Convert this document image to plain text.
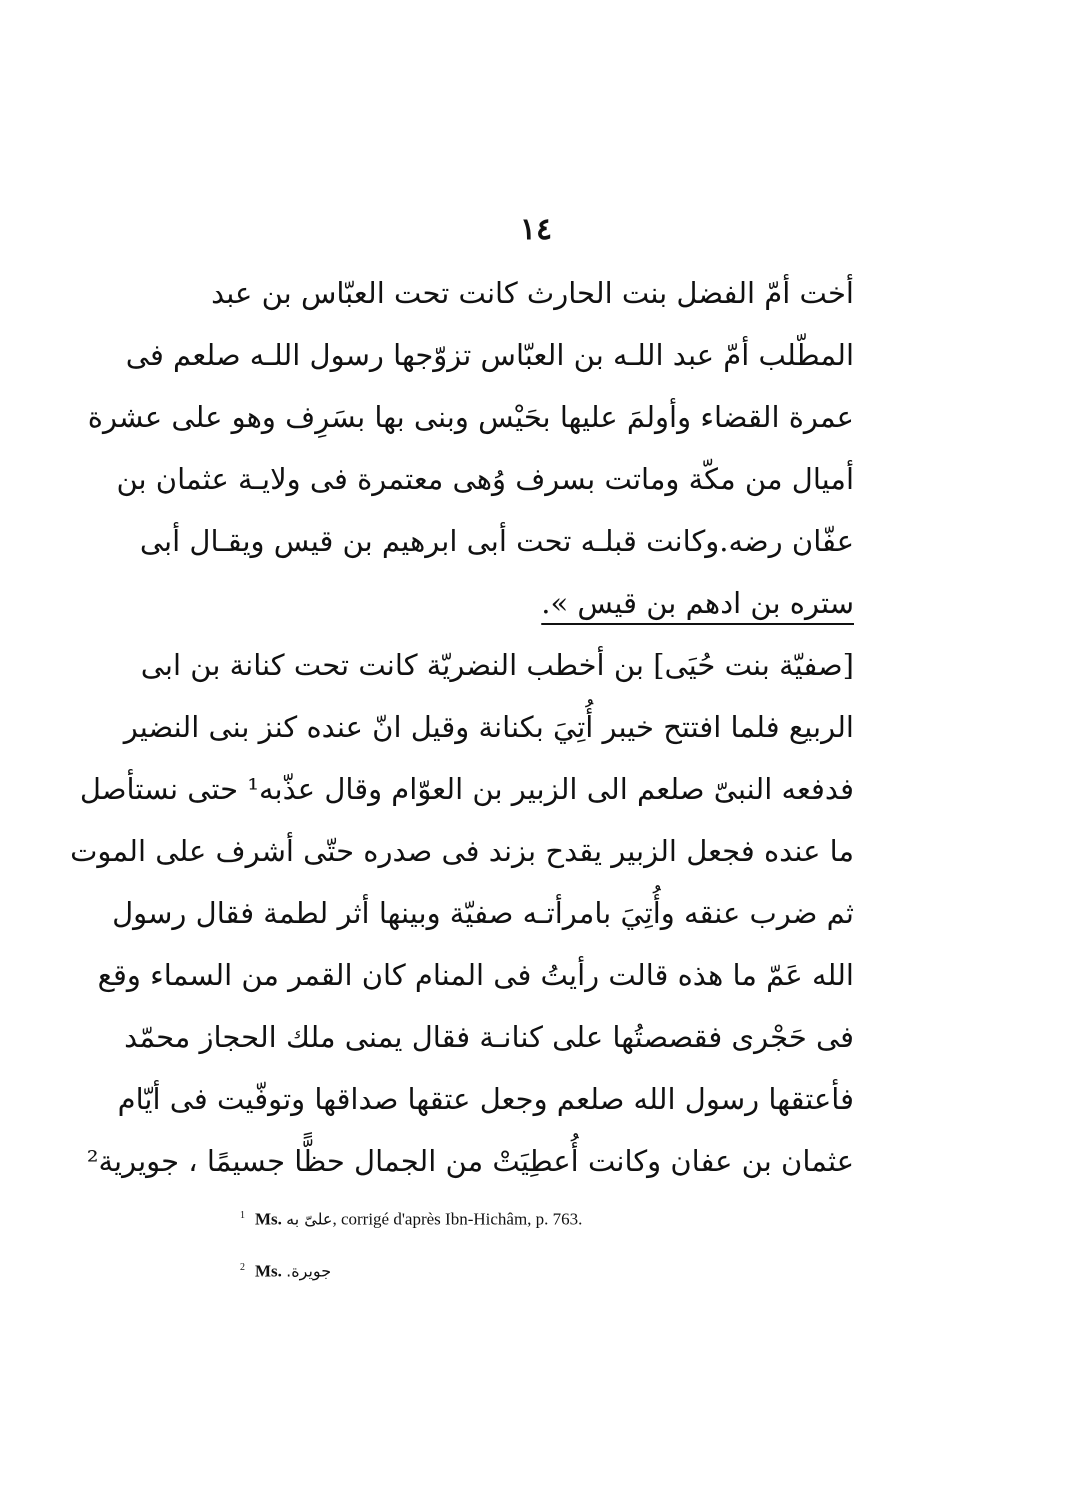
١٤
أخت أمّ الفضل بنت الحارث كانت تحت العبّاس بن عبد
المطّلب أمّ عبد اللـه بن العبّاس تزوّجها رسول اللـه صلعم فى
عمرة القضاء وأولمَ عليها بحَيْس وبنى بها بسَرِف وهو على عشرة
أميال من مكّة وماتت بسرف وُهى معتمرة فى ولايـة عثمان بن
عفّان رضه.وكانت قبلـه تحت أبى ابرهيم بن قيس ويقـال أبى
ستره بن ادهم بن قيس ».
[صفيّة بنت حُيَى] بن أخطب النضريّة كانت تحت كنانة بن ابى
الربيع فلما افتتح خيبر أُتِيَ بكنانة وقيل انّ عنده كنز بنى النضير
فدفعه النبىّ صلعم الى الزبير بن العوّام وقال عذّبه¹ حتى نستأصل
ما عنده فجعل الزبير يقدح بزند فى صدره حتّى أشرف على الموت
ثم ضرب عنقه وأُتِيَ بامرأتـه صفيّة وبينها أثر لطمة فقال رسول
الله عَمّ ما هذه قالت رأيتُ فى المنام كان القمر من السماء وقع
فى حَجْرى فقصصتُها على كنانـة فقال يمنى ملك الحجاز محمّد
فأعتقها رسول الله صلعم وجعل عتقها صداقها وتوفّيت فى أيّام
عثمان بن عفان وكانت أُعطِيَتْ من الجمال حظًّا جسيمًا ، جويرية²
$^1$ Ms. علىّ به, corrigé d'après Ibn-Hichâm, p. 763.
$^2$ Ms. جويرة.
